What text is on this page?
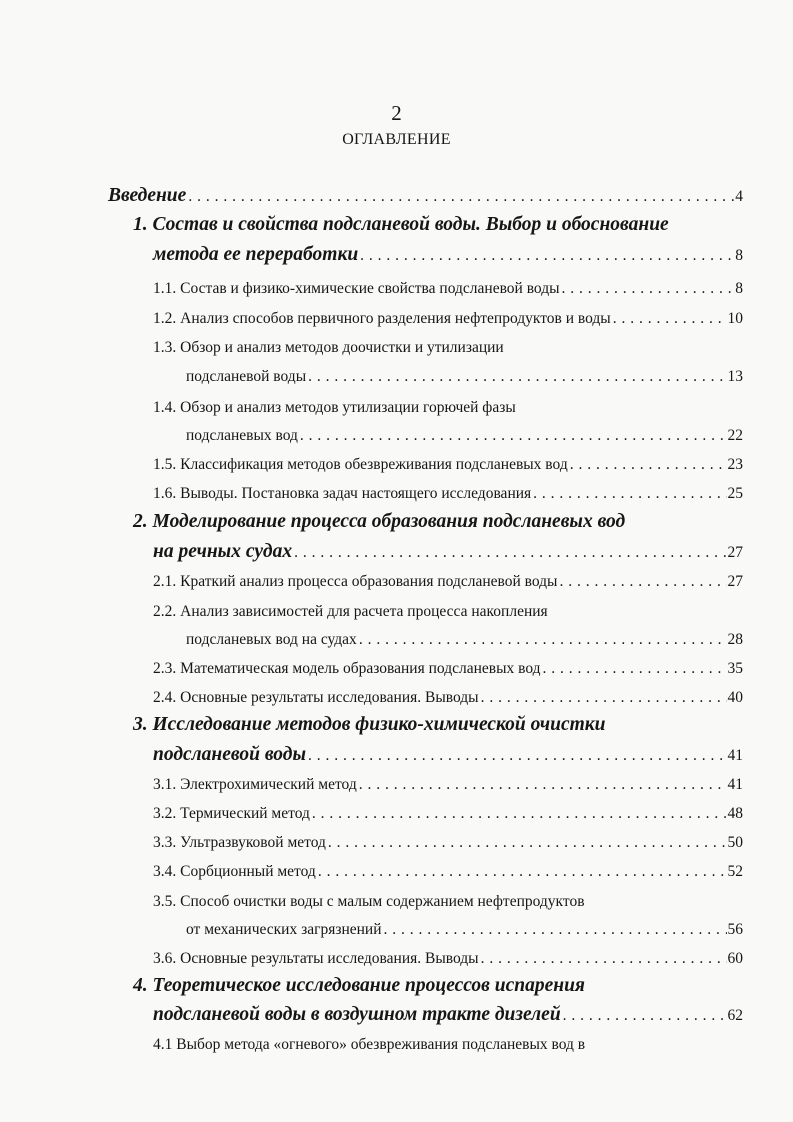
2
ОГЛАВЛЕНИЕ
Введение . . .	4
1. Состав и свойства подсланевой воды. Выбор и обоснование
метода ее переработки . . .	8
1.1. Состав и физико-химические свойства подсланевой воды . . .	8
1.2. Анализ способов первичного разделения нефтепродуктов и воды . . .	10
1.3. Обзор и анализ методов доочистки и утилизации
подсланевой воды . . .	13
1.4. Обзор и анализ методов утилизации горючей фазы
подсланевых вод . . .	22
1.5. Классификация методов обезвреживания подсланевых вод . . .	23
1.6. Выводы. Постановка задач настоящего исследования . . .	25
2. Моделирование процесса образования подсланевых вод
на речных судах . . .	27
2.1. Краткий анализ процесса образования подсланевой воды . . .	27
2.2. Анализ зависимостей для расчета процесса накопления
подсланевых вод на судах . . .	28
2.3. Математическая модель образования подсланевых вод . . .	35
2.4. Основные результаты исследования. Выводы . . .	40
3. Исследование методов физико-химической очистки
подсланевой воды . . .	41
3.1. Электрохимический метод . . .	41
3.2. Термический метод . . .	48
3.3. Ультразвуковой метод . . .	50
3.4. Сорбционный метод . . .	52
3.5. Способ очистки воды с малым содержанием нефтепродуктов
от механических загрязнений . . .	56
3.6. Основные результаты исследования. Выводы . . .	60
4. Теоретическое исследование процессов испарения
подсланевой воды в воздушном тракте дизелей . . .	62
4.1 Выбор метода «огневого» обезвреживания подсланевых вод в
